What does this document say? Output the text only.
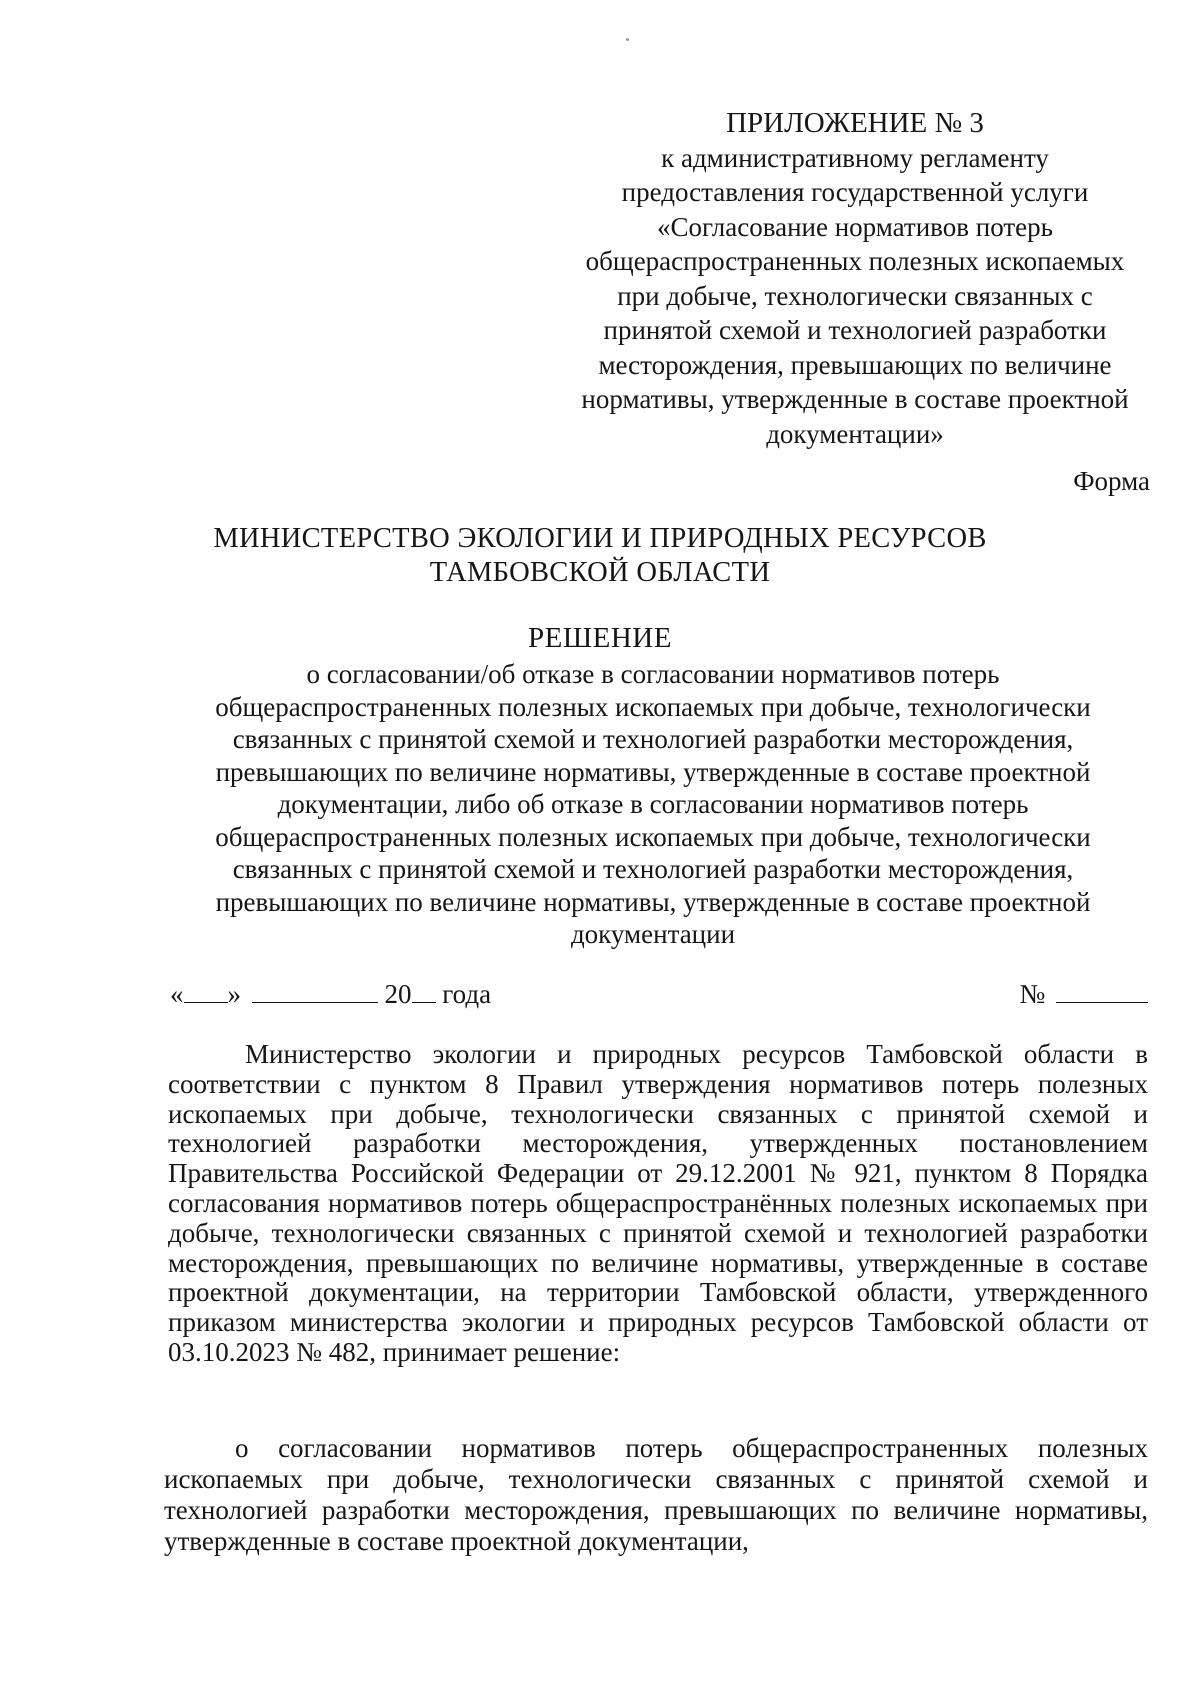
ПРИЛОЖЕНИЕ № 3
к административному регламенту
предоставления государственной услуги
«Согласование нормативов потерь
общераспространенных полезных ископаемых
при добыче, технологически связанных с
принятой схемой и технологией разработки
месторождения, превышающих по величине
нормативы, утвержденные в составе проектной
документации»
Форма
МИНИСТЕРСТВО ЭКОЛОГИИ И ПРИРОДНЫХ РЕСУРСОВ
ТАМБОВСКОЙ ОБЛАСТИ
РЕШЕНИЕ
о согласовании/об отказе в согласовании нормативов потерь
общераспространенных полезных ископаемых при добыче, технологически
связанных с принятой схемой и технологией разработки месторождения,
превышающих по величине нормативы, утвержденные в составе проектной
документации, либо об отказе в согласовании нормативов потерь
общераспространенных полезных ископаемых при добыче, технологически
связанных с принятой схемой и технологией разработки месторождения,
превышающих по величине нормативы, утвержденные в составе проектной
документации
« »	20 года	№
Министерство экологии и природных ресурсов Тамбовской области в соответствии с пунктом 8 Правил утверждения нормативов потерь полезных ископаемых при добыче, технологически связанных с принятой схемой и технологией разработки месторождения, утвержденных постановлением Правительства Российской Федерации от 29.12.2001 № 921, пунктом 8 Порядка согласования нормативов потерь общераспространённых полезных ископаемых при добыче, технологически связанных с принятой схемой и технологией разработки месторождения, превышающих по величине нормативы, утвержденные в составе проектной документации, на территории Тамбовской области, утвержденного приказом министерства экологии и природных ресурсов Тамбовской области от 03.10.2023 № 482, принимает решение:
о согласовании нормативов потерь общераспространенных полезных ископаемых при добыче, технологически связанных с принятой схемой и технологией разработки месторождения, превышающих по величине нормативы, утвержденные в составе проектной документации,
